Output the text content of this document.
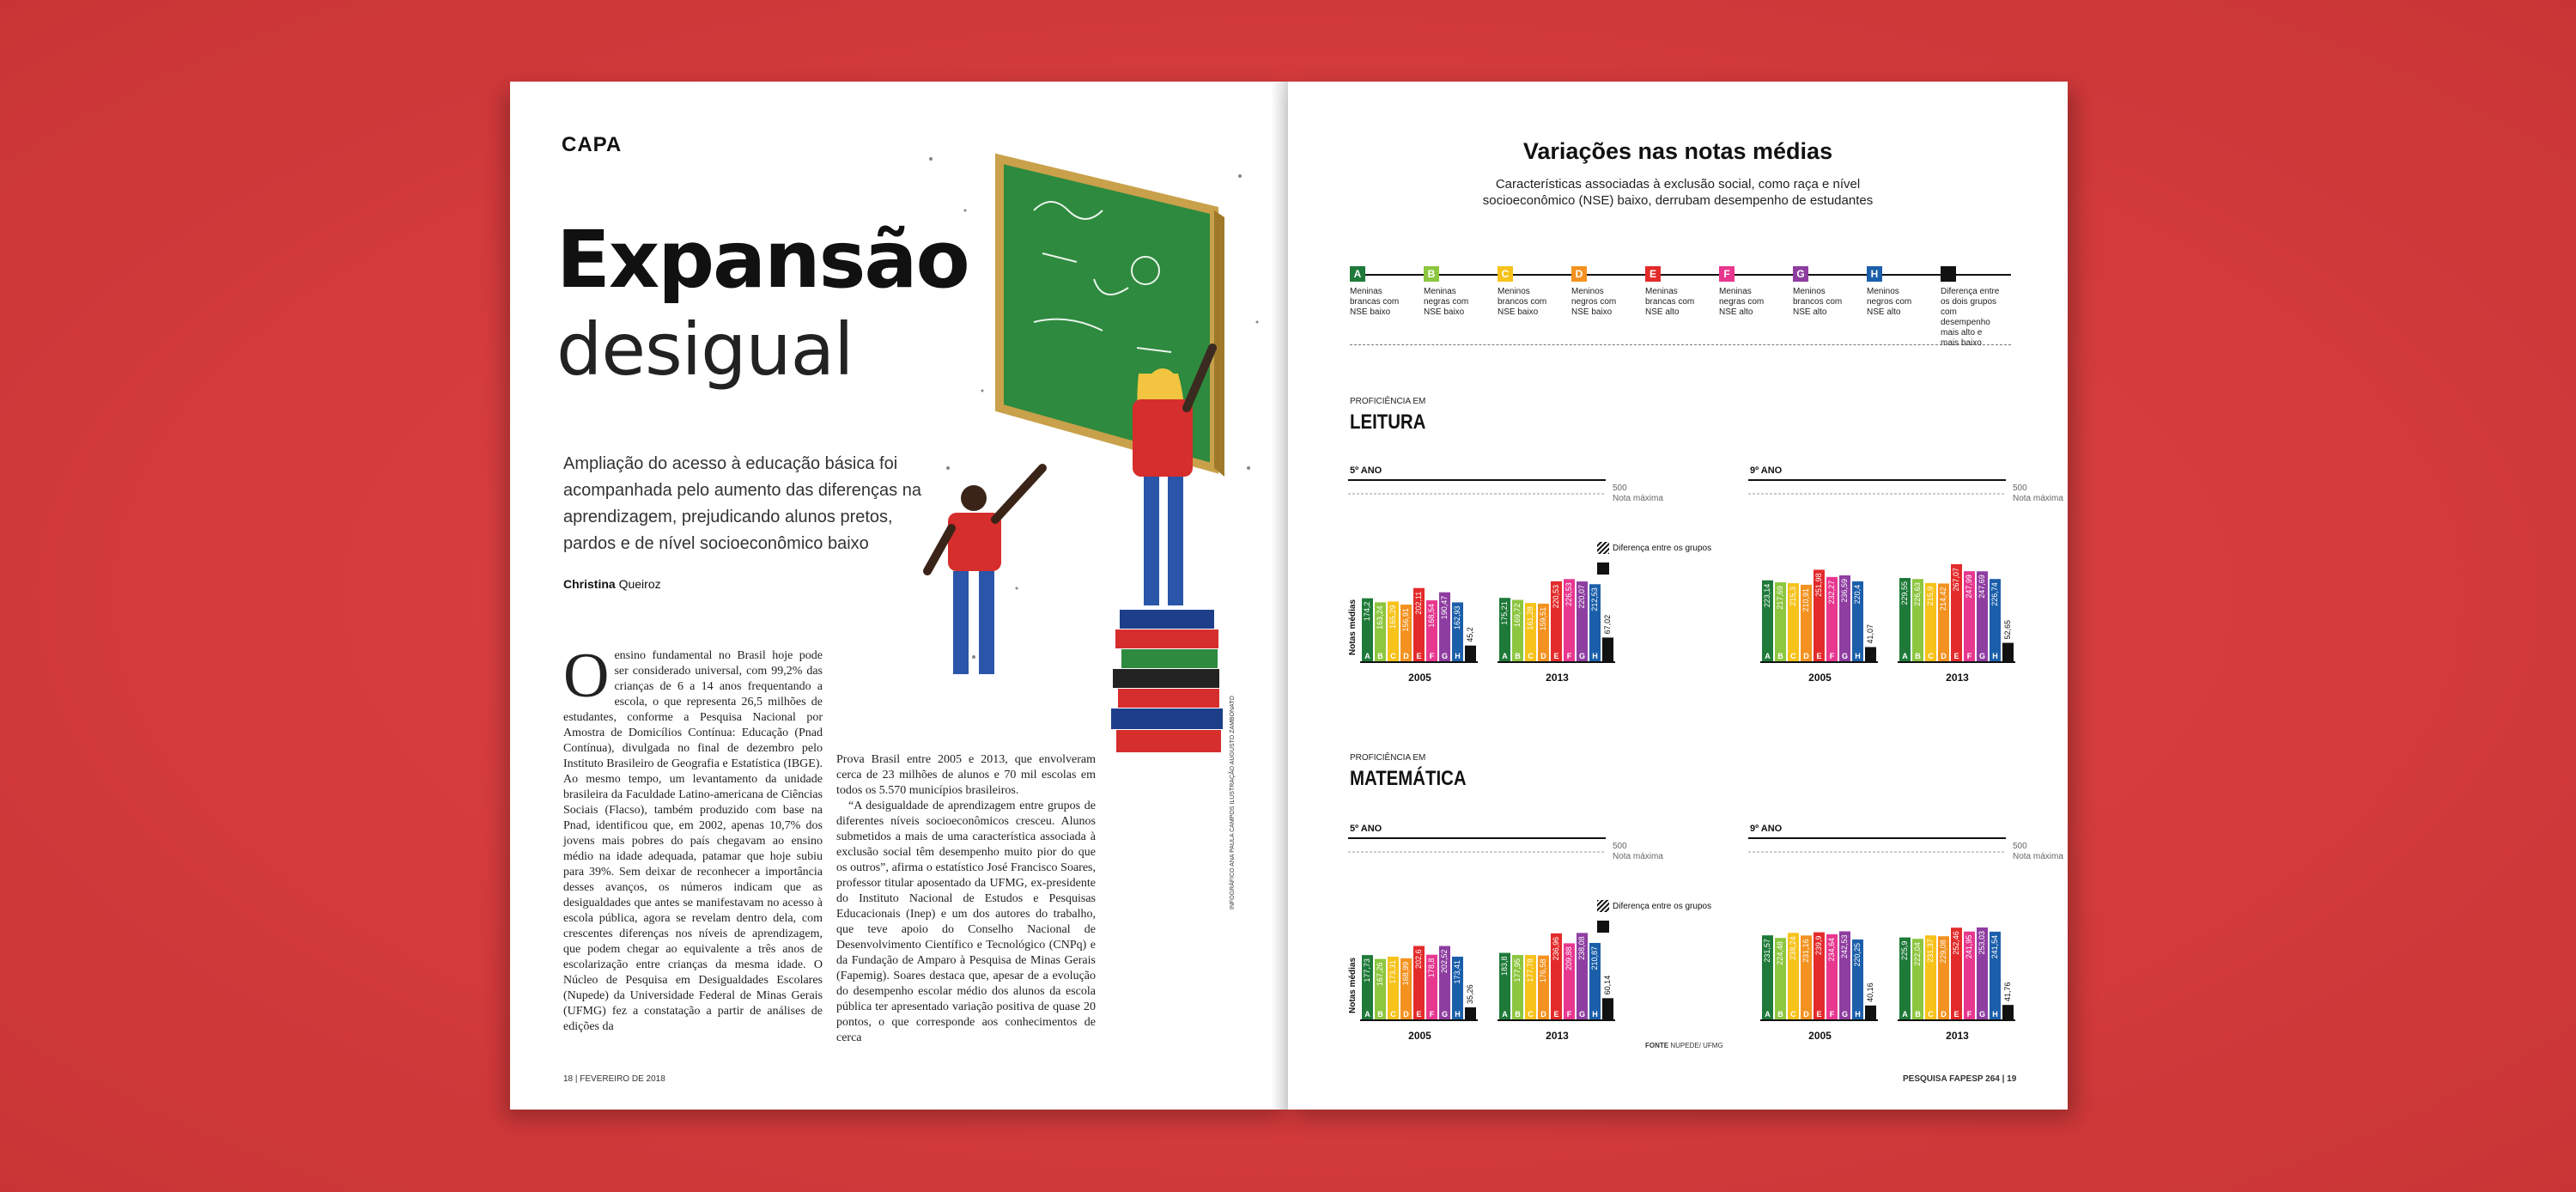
CAPA
Expansão
desigual
Ampliação do acesso à educação básica foi acompanhada pelo aumento das diferenças na aprendizagem, prejudicando alunos pretos, pardos e de nível socioeconômico baixo
Christina Queiroz
Oensino fundamental no Brasil hoje pode ser considerado universal, com 99,2% das crianças de 6 a 14 anos frequentando a escola, o que representa 26,5 milhões de estudantes, conforme a Pesquisa Nacional por Amostra de Domicílios Contínua: Educação (Pnad Contínua), divulgada no final de dezembro pelo Instituto Brasileiro de Geografia e Estatística (IBGE). Ao mesmo tempo, um levantamento da unidade brasileira da Faculdade Latino-americana de Ciências Sociais (Flacso), também produzido com base na Pnad, identificou que, em 2002, apenas 10,7% dos jovens mais pobres do país chegavam ao ensino médio na idade adequada, patamar que hoje subiu para 39%. Sem deixar de reconhecer a importância desses avanços, os números indicam que as desigualdades que antes se manifestavam no acesso à escola pública, agora se revelam dentro dela, com crescentes diferenças nos níveis de aprendizagem, que podem chegar ao equivalente a três anos de escolarização entre crianças da mesma idade. O Núcleo de Pesquisa em Desigualdades Escolares (Nupede) da Universidade Federal de Minas Gerais (UFMG) fez a constatação a partir de análises de edições da
Prova Brasil entre 2005 e 2013, que envolveram cerca de 23 milhões de alunos e 70 mil escolas em todos os 5.570 municípios brasileiros.
“A desigualdade de aprendizagem entre grupos de diferentes níveis socioeconômicos cresceu. Alunos submetidos a mais de uma característica associada à exclusão social têm desempenho muito pior do que os outros”, afirma o estatístico José Francisco Soares, professor titular aposentado da UFMG, ex-presidente do Instituto Nacional de Estudos e Pesquisas Educacionais (Inep) e um dos autores do trabalho, que teve apoio do Conselho Nacional de Desenvolvimento Científico e Tecnológico (CNPq) e da Fundação de Amparo à Pesquisa de Minas Gerais (Fapemig). Soares destaca que, apesar de a evolução do desempenho escolar médio dos alunos da escola pública ter apresentado variação positiva de quase 20 pontos, o que corresponde aos conhecimentos de cerca
INFOGRÁFICO ANA PAULA CAMPOS ILUSTRAÇÃO AUGUSTO ZAMBONATO
18 | FEVEREIRO DE 2018
Variações nas notas médias
Características associadas à exclusão social, como raça e nível
socioeconômico (NSE) baixo, derrubam desempenho de estudantes
PROFICIÊNCIA EM
LEITURA
PROFICIÊNCIA EM
MATEMÁTICA
5º ANO
500
Nota máxima
Notas médias 174,2
A
163,24
B
165,29
C
156,91
D
202,11
E
168,54
F
190,47
G
162,93
H
45,2
2005
175,21
A
169,72
B
161,28
C
159,51
D
220,53
E
226,53
F
220,07
G
212,53
H
67,02
2013
Diferença entre os grupos
9º ANO
500
Nota máxima
223,14
A
217,69
B
215,3
C
210,91
D
251,98
E
232,27
F
236,59
G
220,4
H
41,07
2005
229,55
A
226,63
B
215,9
C
214,42
D
267,07
E
247,99
F
247,69
G
226,74
H
52,65
2013
5º ANO
500
Nota máxima
Notas médias 177,73
A
167,26
B
173,31
C
168,99
D
202,6
E
178,8
F
202,52
G
173,41
H
35,26
2005
183,8
A
177,95
B
177,78
C
176,58
D
236,96
E
209,88
F
238,08
G
210,87
H
60,14
2013
Diferença entre os grupos
9º ANO
500
Nota máxima
231,57
A
224,48
B
238,24
C
231,16
D
239,9
E
234,64
F
242,53
G
220,25
H
40,16
2005
225,9
A
222,04
B
231,37
C
229,08
D
252,46
E
241,95
F
253,03
G
241,54
H
41,76
2013
FONTE NUPEDE/ UFMG
PESQUISA FAPESP 264 | 19
A
Meninas brancas com NSE baixo
B
Meninas negras com NSE baixo
C
Meninos brancos com NSE baixo
D
Meninos negros com NSE baixo
E
Meninas brancas com NSE alto
F
Meninas negras com NSE alto
G
Meninos brancos com NSE alto
H
Meninos negros com NSE alto
Diferença entre os dois grupos com desempenho mais alto e mais baixo
